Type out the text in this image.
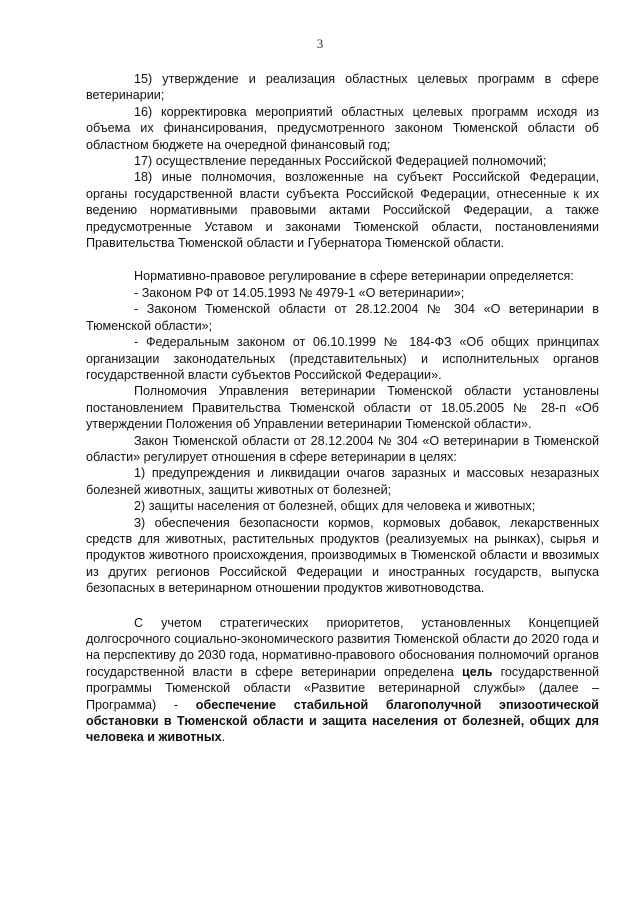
3

15) утверждение и реализация областных целевых программ в сфере ветеринарии;

16) корректировка мероприятий областных целевых программ исходя из объема их финансирования, предусмотренного законом Тюменской области об областном бюджете на очередной финансовый год;

17) осуществление переданных Российской Федерацией полномочий;

18) иные полномочия, возложенные на субъект Российской Федерации, органы государственной власти субъекта Российской Федерации, отнесенные к их ведению нормативными правовыми актами Российской Федерации, а также предусмотренные Уставом и законами Тюменской области, постановлениями Правительства Тюменской области и Губернатора Тюменской области.

Нормативно-правовое регулирование в сфере ветеринарии определяется:

- Законом РФ от 14.05.1993 № 4979-1 «О ветеринарии»;

- Законом Тюменской области от 28.12.2004 № 304 «О ветеринарии в Тюменской области»;

- Федеральным законом от 06.10.1999 № 184-ФЗ «Об общих принципах организации законодательных (представительных) и исполнительных органов государственной власти субъектов Российской Федерации».

Полномочия Управления ветеринарии Тюменской области установлены постановлением Правительства Тюменской области от 18.05.2005 № 28-п «Об утверждении Положения об Управлении ветеринарии Тюменской области».

Закон Тюменской области от 28.12.2004 № 304 «О ветеринарии в Тюменской области» регулирует отношения в сфере ветеринарии в целях:

1) предупреждения и ликвидации очагов заразных и массовых незаразных болезней животных, защиты животных от болезней;

2) защиты населения от болезней, общих для человека и животных;

3) обеспечения безопасности кормов, кормовых добавок, лекарственных средств для животных, растительных продуктов (реализуемых на рынках), сырья и продуктов животного происхождения, производимых в Тюменской области и ввозимых из других регионов Российской Федерации и иностранных государств, выпуска безопасных в ветеринарном отношении продуктов животноводства.

С учетом стратегических приоритетов, установленных Концепцией долгосрочного социально-экономического развития Тюменской области до 2020 года и на перспективу до 2030 года, нормативно-правового обоснования полномочий органов государственной власти в сфере ветеринарии определена цель государственной программы Тюменской области «Развитие ветеринарной службы» (далее – Программа) - обеспечение стабильной благополучной эпизоотической обстановки в Тюменской области и защита населения от болезней, общих для человека и животных.
